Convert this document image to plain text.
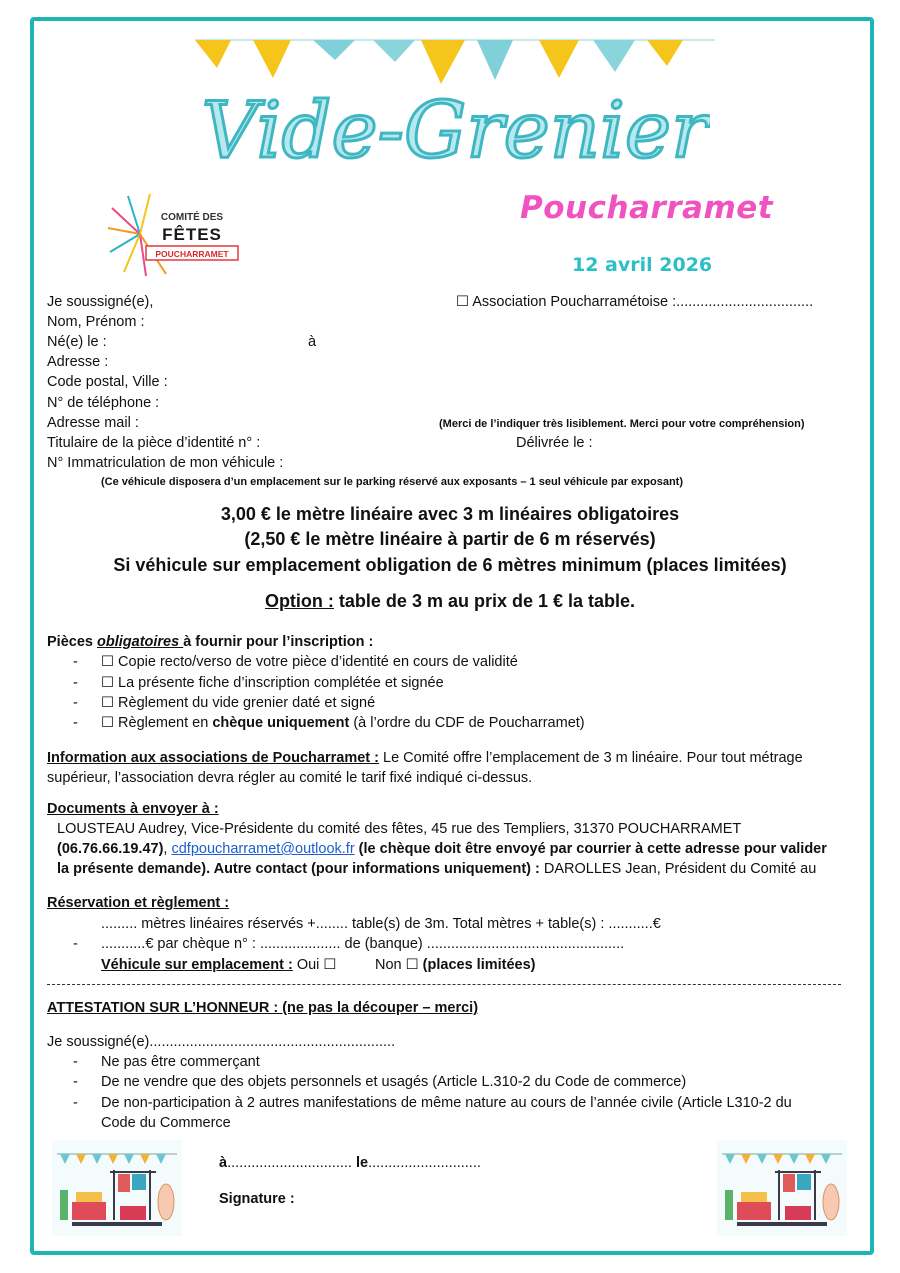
Vide-Grenier
COMITÉ DES
FÊTES
POUCHARRAMET
Poucharramet
12 avril 2026
Je soussigné(e),	☐ Association Poucharramétoise :..................................
Nom, Prénom :
Né(e) le :	à
Adresse :
Code postal, Ville :
N° de téléphone :
Adresse mail :	(Merci de l’indiquer très lisiblement. Merci pour votre compréhension)
Titulaire de la pièce d’identité n° :	Délivrée le :
N° Immatriculation de mon véhicule :
(Ce véhicule disposera d’un emplacement sur le parking réservé aux exposants – 1 seul véhicule par exposant)
3,00 € le mètre linéaire avec 3 m linéaires obligatoires
(2,50 € le mètre linéaire à partir de 6 m réservés)
Si véhicule sur emplacement obligation de 6 mètres minimum (places limitées)
Option : table de 3 m au prix de 1 € la table.
Pièces obligatoires à fournir pour l’inscription :
- ☐ Copie recto/verso de votre pièce d’identité en cours de validité
- ☐ La présente fiche d’inscription complétée et signée
- ☐ Règlement du vide grenier daté et signé
- ☐ Règlement en chèque uniquement (à l’ordre du CDF de Poucharramet)
Information aux associations de Poucharramet : Le Comité offre l’emplacement de 3 m linéaire. Pour tout métrage
supérieur, l’association devra régler au comité le tarif fixé indiqué ci-dessus.
Documents à envoyer à :
LOUSTEAU Audrey, Vice-Présidente du comité des fêtes, 45 rue des Templiers, 31370 POUCHARRAMET
(06.76.66.19.47), cdfpoucharramet@outlook.fr (le chèque doit être envoyé par courrier à cette adresse pour valider
la présente demande). Autre contact (pour informations uniquement) : DAROLLES Jean, Président du Comité au
Réservation et règlement :
......... mètres linéaires réservés +........ table(s) de 3m. Total mètres + table(s) : ...........€
- ...........€ par chèque n° : .................... de (banque) .................................................
Véhicule sur emplacement : Oui ☐	Non ☐ (places limitées)
ATTESTATION SUR L’HONNEUR : (ne pas la découper – merci)
Je soussigné(e).............................................................
- Ne pas être commerçant
- De ne vendre que des objets personnels et usagés (Article L.310-2 du Code de commerce)
- De non-participation à 2 autres manifestations de même nature au cours de l’année civile (Article L310-2 du
Code du Commerce
à............................... le............................
Signature :
